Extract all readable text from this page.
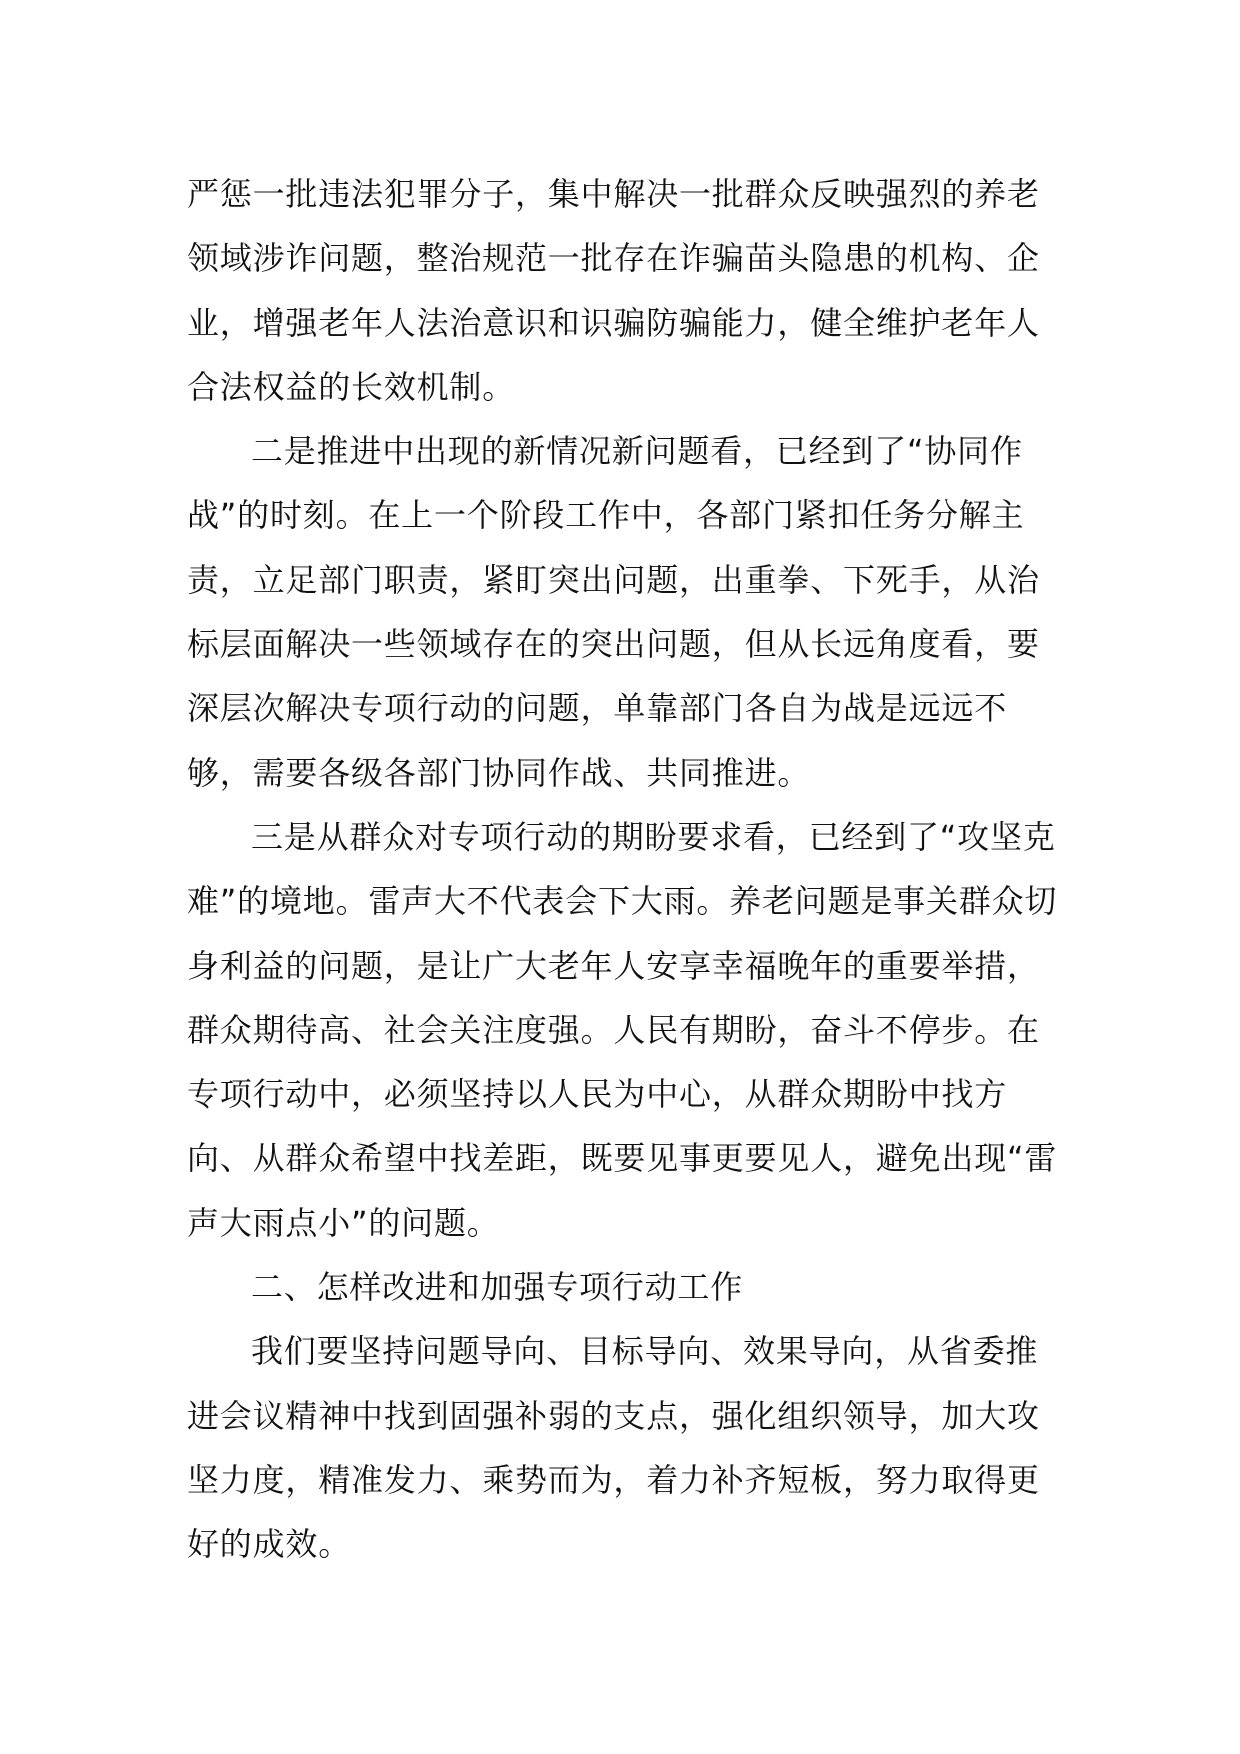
严惩一批违法犯罪分子，集中解决一批群众反映强烈的养老领域涉诈问题，整治规范一批存在诈骗苗头隐患的机构、企业，增强老年人法治意识和识骗防骗能力，健全维护老年人合法权益的长效机制。

二是推进中出现的新情况新问题看，已经到了“协同作战”的时刻。在上一个阶段工作中，各部门紧扣任务分解主责，立足部门职责，紧盯突出问题，出重拳、下死手，从治标层面解决一些领域存在的突出问题，但从长远角度看，要深层次解决专项行动的问题，单靠部门各自为战是远远不够，需要各级各部门协同作战、共同推进。

三是从群众对专项行动的期盼要求看，已经到了“攻坚克难”的境地。雷声大不代表会下大雨。养老问题是事关群众切身利益的问题，是让广大老年人安享幸福晚年的重要举措，群众期待高、社会关注度强。人民有期盼，奋斗不停步。在专项行动中，必须坚持以人民为中心，从群众期盼中找方向、从群众希望中找差距，既要见事更要见人，避免出现“雷声大雨点小”的问题。

二、怎样改进和加强专项行动工作

我们要坚持问题导向、目标导向、效果导向，从省委推进会议精神中找到固强补弱的支点，强化组织领导，加大攻坚力度，精准发力、乘势而为，着力补齐短板，努力取得更好的成效。
